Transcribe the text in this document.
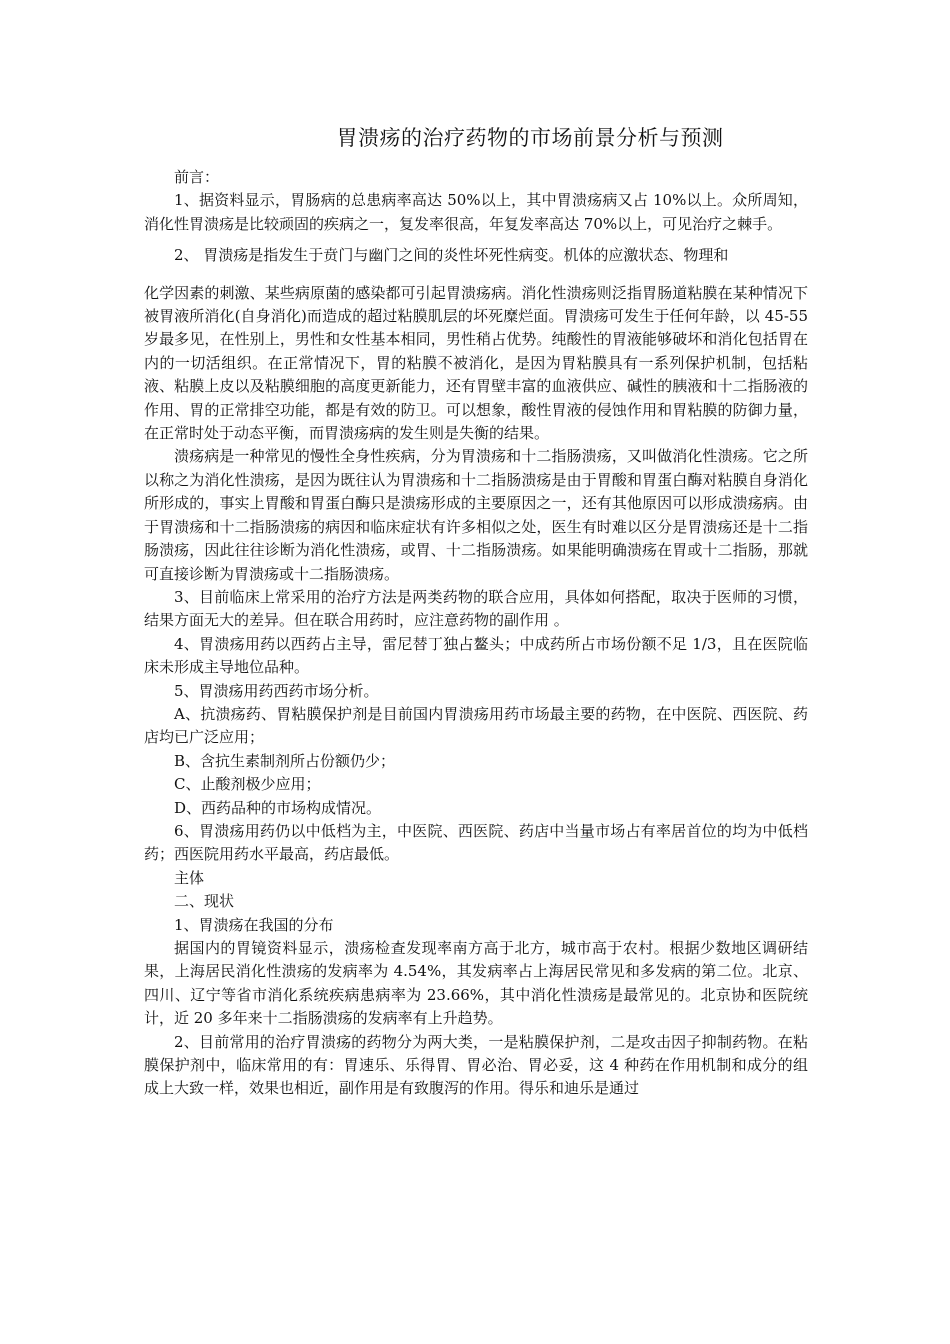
胃溃疡的治疗药物的市场前景分析与预测

前言：

1、据资料显示，胃肠病的总患病率高达 50%以上，其中胃溃疡病又占 10%以上。众所周知，消化性胃溃疡是比较顽固的疾病之一，复发率很高，年复发率高达 70%以上，可见治疗之棘手。

2、 胃溃疡是指发生于贲门与幽门之间的炎性坏死性病变。机体的应激状态、物理和

化学因素的刺激、某些病原菌的感染都可引起胃溃疡病。消化性溃疡则泛指胃肠道粘膜在某种情况下被胃液所消化(自身消化)而造成的超过粘膜肌层的坏死糜烂面。胃溃疡可发生于任何年龄，以 45-55 岁最多见，在性别上，男性和女性基本相同，男性稍占优势。纯酸性的胃液能够破坏和消化包括胃在内的一切活组织。在正常情况下，胃的粘膜不被消化，是因为胃粘膜具有一系列保护机制，包括粘液、粘膜上皮以及粘膜细胞的高度更新能力，还有胃壁丰富的血液供应、碱性的胰液和十二指肠液的作用、胃的正常排空功能，都是有效的防卫。可以想象，酸性胃液的侵蚀作用和胃粘膜的防御力量，在正常时处于动态平衡，而胃溃疡病的发生则是失衡的结果。

溃疡病是一种常见的慢性全身性疾病，分为胃溃疡和十二指肠溃疡，又叫做消化性溃疡。它之所以称之为消化性溃疡，是因为既往认为胃溃疡和十二指肠溃疡是由于胃酸和胃蛋白酶对粘膜自身消化所形成的，事实上胃酸和胃蛋白酶只是溃疡形成的主要原因之一，还有其他原因可以形成溃疡病。由于胃溃疡和十二指肠溃疡的病因和临床症状有许多相似之处，医生有时难以区分是胃溃疡还是十二指肠溃疡，因此往往诊断为消化性溃疡，或胃、十二指肠溃疡。如果能明确溃疡在胃或十二指肠，那就可直接诊断为胃溃疡或十二指肠溃疡。

3、目前临床上常采用的治疗方法是两类药物的联合应用，具体如何搭配，取决于医师的习惯，结果方面无大的差异。但在联合用药时，应注意药物的副作用 。

4、胃溃疡用药以西药占主导，雷尼替丁独占鳌头；中成药所占市场份额不足 1/3，且在医院临床未形成主导地位品种。

5、胃溃疡用药西药市场分析。

A、抗溃疡药、胃粘膜保护剂是目前国内胃溃疡用药市场最主要的药物，在中医院、西医院、药店均已广泛应用；

B、含抗生素制剂所占份额仍少；

C、止酸剂极少应用；

D、西药品种的市场构成情况。

6、胃溃疡用药仍以中低档为主，中医院、西医院、药店中当量市场占有率居首位的均为中低档药；西医院用药水平最高，药店最低。

主体

二、现状

1、胃溃疡在我国的分布

据国内的胃镜资料显示，溃疡检查发现率南方高于北方，城市高于农村。根据少数地区调研结果，上海居民消化性溃疡的发病率为 4.54%，其发病率占上海居民常见和多发病的第二位。北京、四川、辽宁等省市消化系统疾病患病率为 23.66%，其中消化性溃疡是最常见的。北京协和医院统计，近 20 多年来十二指肠溃疡的发病率有上升趋势。

2、目前常用的治疗胃溃疡的药物分为两大类，一是粘膜保护剂，二是攻击因子抑制药物。在粘膜保护剂中，临床常用的有：胃速乐、乐得胃、胃必治、胃必妥，这 4 种药在作用机制和成分的组成上大致一样，效果也相近，副作用是有致腹泻的作用。得乐和迪乐是通过
